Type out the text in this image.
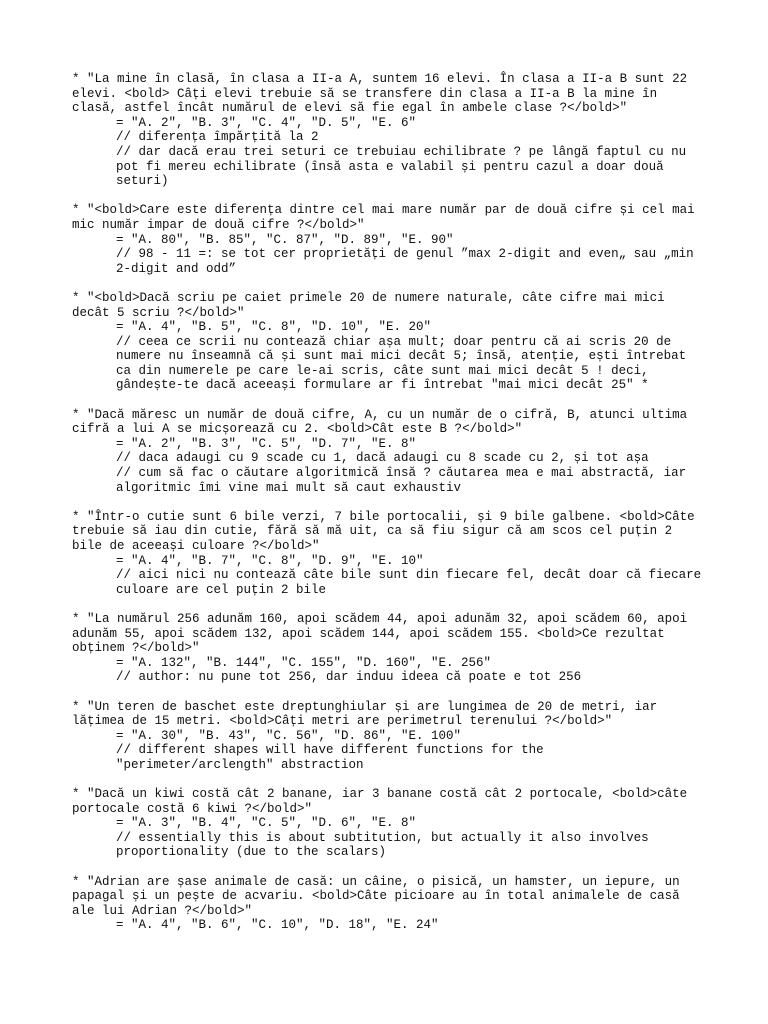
* "La mine în clasă, în clasa a II-a A, suntem 16 elevi. În clasa a II-a B sunt 22 elevi. <bold> Câți elevi trebuie să se transfere din clasa a II-a B la mine în clasă, astfel încât numărul de elevi să fie egal în ambele clase ?</bold>"
= "A. 2", "B. 3", "C. 4", "D. 5", "E. 6"
// diferența împărțită la 2
// dar dacă erau trei seturi ce trebuiau echilibrate ? pe lângă faptul cu nu pot fi mereu echilibrate (însă asta e valabil și pentru cazul a doar două seturi)
* "<bold>Care este diferența dintre cel mai mare număr par de două cifre și cel mai mic număr impar de două cifre ?</bold>"
= "A. 80", "B. 85", "C. 87", "D. 89", "E. 90"
// 98 - 11 =: se tot cer proprietăți de genul ”max 2-digit and even„ sau „min 2-digit and odd”
* "<bold>Dacă scriu pe caiet primele 20 de numere naturale, câte cifre mai mici decât 5 scriu ?</bold>"
= "A. 4", "B. 5", "C. 8", "D. 10", "E. 20"
// ceea ce scrii nu contează chiar așa mult; doar pentru că ai scris 20 de numere nu înseamnă că și sunt mai mici decât 5; însă, atenție, ești întrebat ca din numerele pe care le-ai scris, câte sunt mai mici decât 5 ! deci, gândește-te dacă aceeași formulare ar fi întrebat "mai mici decât 25" *
* "Dacă măresc un număr de două cifre, A, cu un număr de o cifră, B, atunci ultima cifră a lui A se micșorează cu 2. <bold>Cât este B ?</bold>"
= "A. 2", "B. 3", "C. 5", "D. 7", "E. 8"
// daca adaugi cu 9 scade cu 1, dacă adaugi cu 8 scade cu 2, și tot așa
// cum să fac o căutare algoritmică însă ? căutarea mea e mai abstractă, iar algoritmic îmi vine mai mult să caut exhaustiv
* "Într-o cutie sunt 6 bile verzi, 7 bile portocalii, și 9 bile galbene. <bold>Câte trebuie să iau din cutie, fără să mă uit, ca să fiu sigur că am scos cel puțin 2 bile de aceeași culoare ?</bold>"
= "A. 4", "B. 7", "C. 8", "D. 9", "E. 10"
// aici nici nu contează câte bile sunt din fiecare fel, decât doar că fiecare culoare are cel puțin 2 bile
* "La numărul 256 adunăm 160, apoi scădem 44, apoi adunăm 32, apoi scădem 60, apoi adunăm 55, apoi scădem 132, apoi scădem 144, apoi scădem 155. <bold>Ce rezultat obținem ?</bold>"
= "A. 132", "B. 144", "C. 155", "D. 160", "E. 256"
// author: nu pune tot 256, dar induu ideea că poate e tot 256
* "Un teren de baschet este dreptunghiular și are lungimea de 20 de metri, iar lățimea de 15 metri. <bold>Câți metri are perimetrul terenului ?</bold>"
= "A. 30", "B. 43", "C. 56", "D. 86", "E. 100"
// different shapes will have different functions for the "perimeter/arclength" abstraction
* "Dacă un kiwi costă cât 2 banane, iar 3 banane costă cât 2 portocale, <bold>câte portocale costă 6 kiwi ?</bold>"
= "A. 3", "B. 4", "C. 5", "D. 6", "E. 8"
// essentially this is about subtitution, but actually it also involves proportionality (due to the scalars)
* "Adrian are șase animale de casă: un câine, o pisică, un hamster, un iepure, un papagal și un pește de acvariu. <bold>Câte picioare au în total animalele de casă ale lui Adrian ?</bold>"
= "A. 4", "B. 6", "C. 10", "D. 18", "E. 24"
